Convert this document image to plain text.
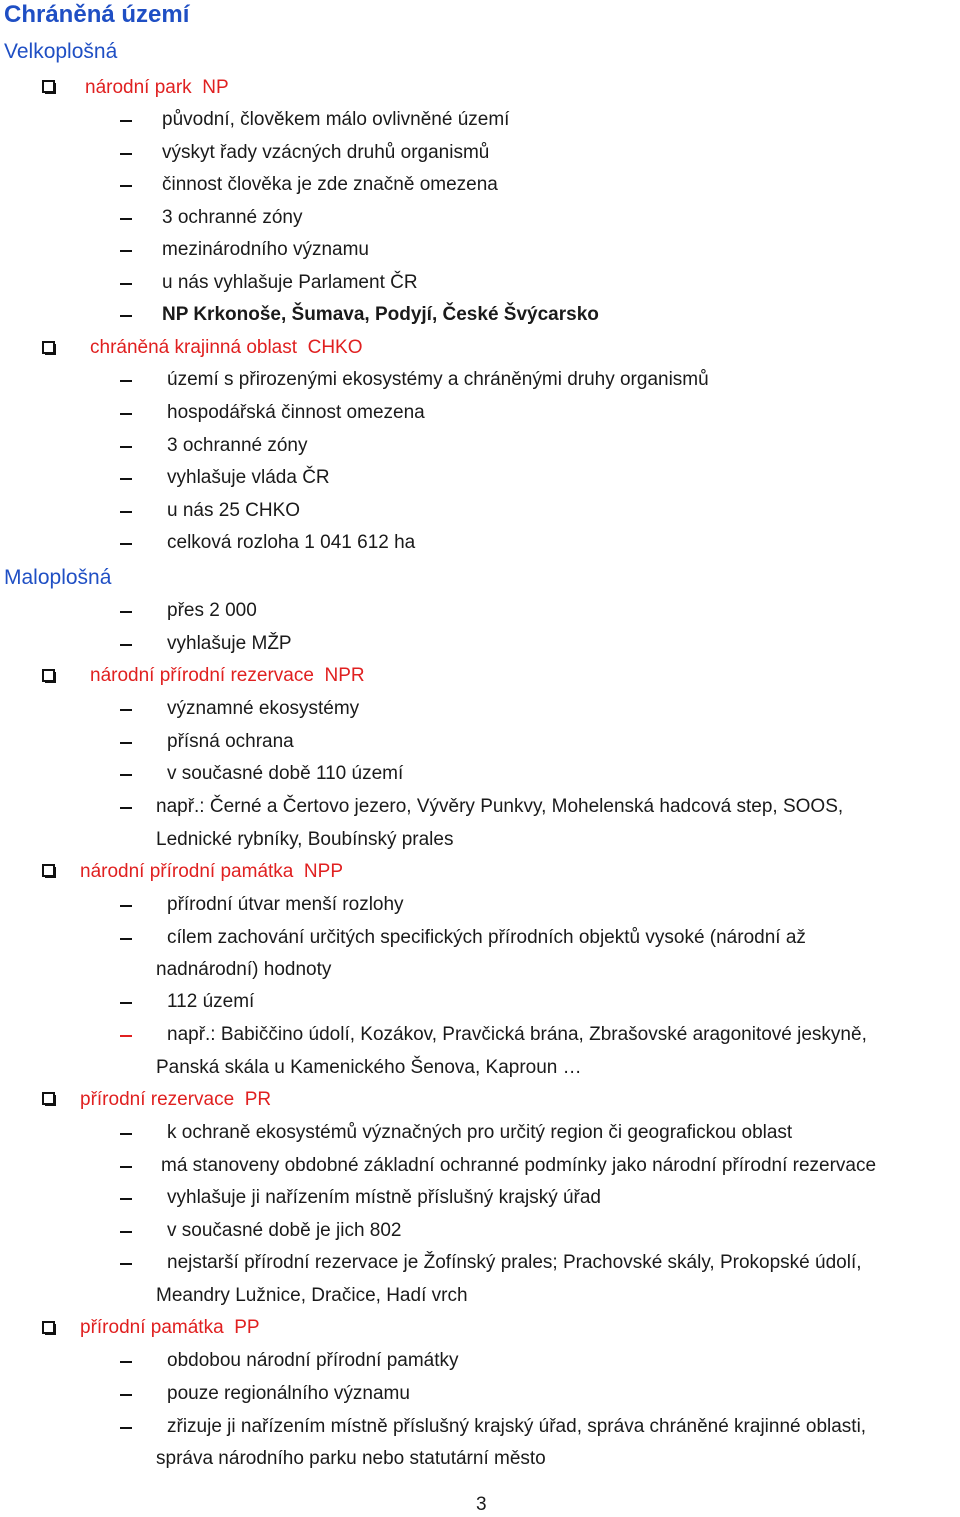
Chráněná území
Velkoplošná
národní park NP
původní, člověkem málo ovlivněné území
výskyt řady vzácných druhů organismů
činnost člověka je zde značně omezena
3 ochranné zóny
mezinárodního významu
u nás vyhlašuje Parlament ČR
NP Krkonoše, Šumava, Podyjí, České Švýcarsko
chráněná krajinná oblast CHKO
území s přirozenými ekosystémy a chráněnými druhy organismů
hospodářská činnost omezena
3 ochranné zóny
vyhlašuje vláda ČR
u nás 25 CHKO
celková rozloha 1 041 612 ha
Maloplošná
přes 2 000
vyhlašuje MŽP
národní přírodní rezervace NPR
významné ekosystémy
přísná ochrana
v současné době 110 území
např.: Černé a Čertovo jezero, Vývěry Punkvy, Mohelenská hadcová step, SOOS,
Lednické rybníky, Boubínský prales
národní přírodní památka NPP
přírodní útvar menší rozlohy
cílem zachování určitých specifických přírodních objektů vysoké (národní až
nadnárodní) hodnoty
112 území
např.: Babiččino údolí, Kozákov, Pravčická brána, Zbrašovské aragonitové jeskyně,
Panská skála u Kamenického Šenova, Kaproun …
přírodní rezervace PR
k ochraně ekosystémů význačných pro určitý region či geografickou oblast
má stanoveny obdobné základní ochranné podmínky jako národní přírodní rezervace
vyhlašuje ji nařízením místně příslušný krajský úřad
v současné době je jich 802
nejstarší přírodní rezervace je Žofínský prales; Prachovské skály, Prokopské údolí,
Meandry Lužnice, Dračice, Hadí vrch
přírodní památka PP
obdobou národní přírodní památky
pouze regionálního významu
zřizuje ji nařízením místně příslušný krajský úřad, správa chráněné krajinné oblasti,
správa národního parku nebo statutární město
3
